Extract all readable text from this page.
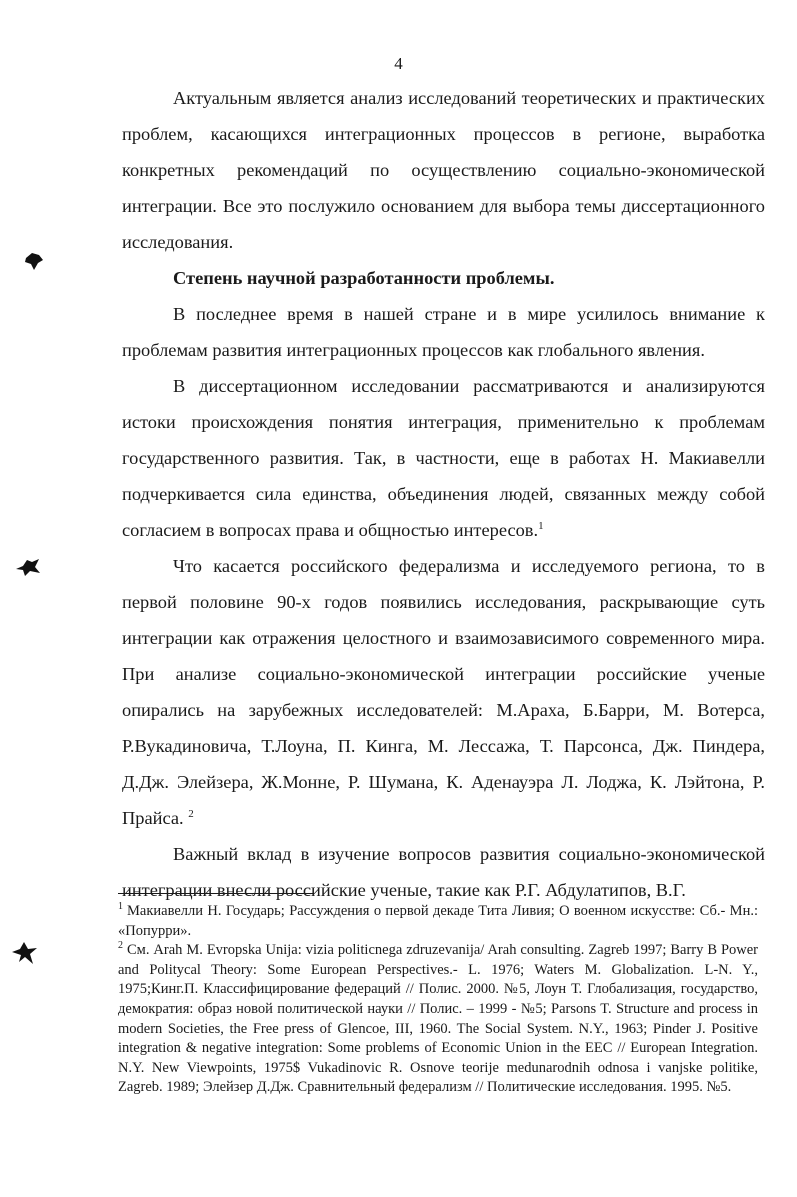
4

Актуальным является анализ исследований теоретических и практических проблем, касающихся интеграционных процессов в регионе, выработка конкретных рекомендаций по осуществлению социально-экономической интеграции. Все это послужило основанием для выбора темы диссертационного исследования.

Степень научной разработанности проблемы.

В последнее время в нашей стране и в мире усилилось внимание к проблемам развития интеграционных процессов как глобального явления.

В диссертационном исследовании рассматриваются и анализируются истоки происхождения понятия интеграция, применительно к проблемам государственного развития. Так, в частности, еще в работах Н. Макиавелли подчеркивается сила единства, объединения людей, связанных между собой согласием в вопросах права и общностью интересов.$^1$

Что касается российского федерализма и исследуемого региона, то в первой половине 90-х годов появились исследования, раскрывающие суть интеграции как отражения целостного и взаимозависимого современного мира. При анализе социально-экономической интеграции российские ученые опирались на зарубежных исследователей: М.Араха, Б.Барри, М. Вотерса, Р.Вукадиновича, Т.Лоуна, П. Кинга, М. Лессажа, Т. Парсонса, Дж. Пиндера, Д.Дж. Элейзера, Ж.Монне, Р. Шумана, К. Аденауэра Л. Лоджа, К. Лэйтона, Р. Прайса. $^2$

Важный вклад в изучение вопросов развития социально-экономической интеграции внесли российские ученые, такие как Р.Г. Абдулатипов, В.Г.

$^1$ Макиавелли Н. Государь; Рассуждения о первой декаде Тита Ливия; О военном искусстве: Сб.- Мн.: «Попурри».

$^2$ См. Arah M. Evropska Unija: vizia politicnega zdruzevanija/ Arah consulting. Zagreb 1997; Barry B Power and Politycal Theory: Some European Perspectives.- L. 1976; Waters M. Globalization. L-N. Y., 1975;Кинг.П. Классифицирование федераций // Полис. 2000. №5, Лоун Т. Глобализация, государство, демократия: образ новой политической науки // Полис. – 1999 - №5; Parsons T. Structure and process in modern Societies, the Free press of Glencoe, III, 1960. The Social System. N.Y., 1963; Pinder J. Positive integration & negative integration: Some problems of Economic Union in the EEC // European Integration. N.Y. New Viewpoints, 1975$ Vukadinovic R. Osnove teorije medunarodnih odnosa i vanjske politike, Zagreb. 1989; Элейзер Д.Дж. Сравнительный федерализм // Политические исследования. 1995. №5.
